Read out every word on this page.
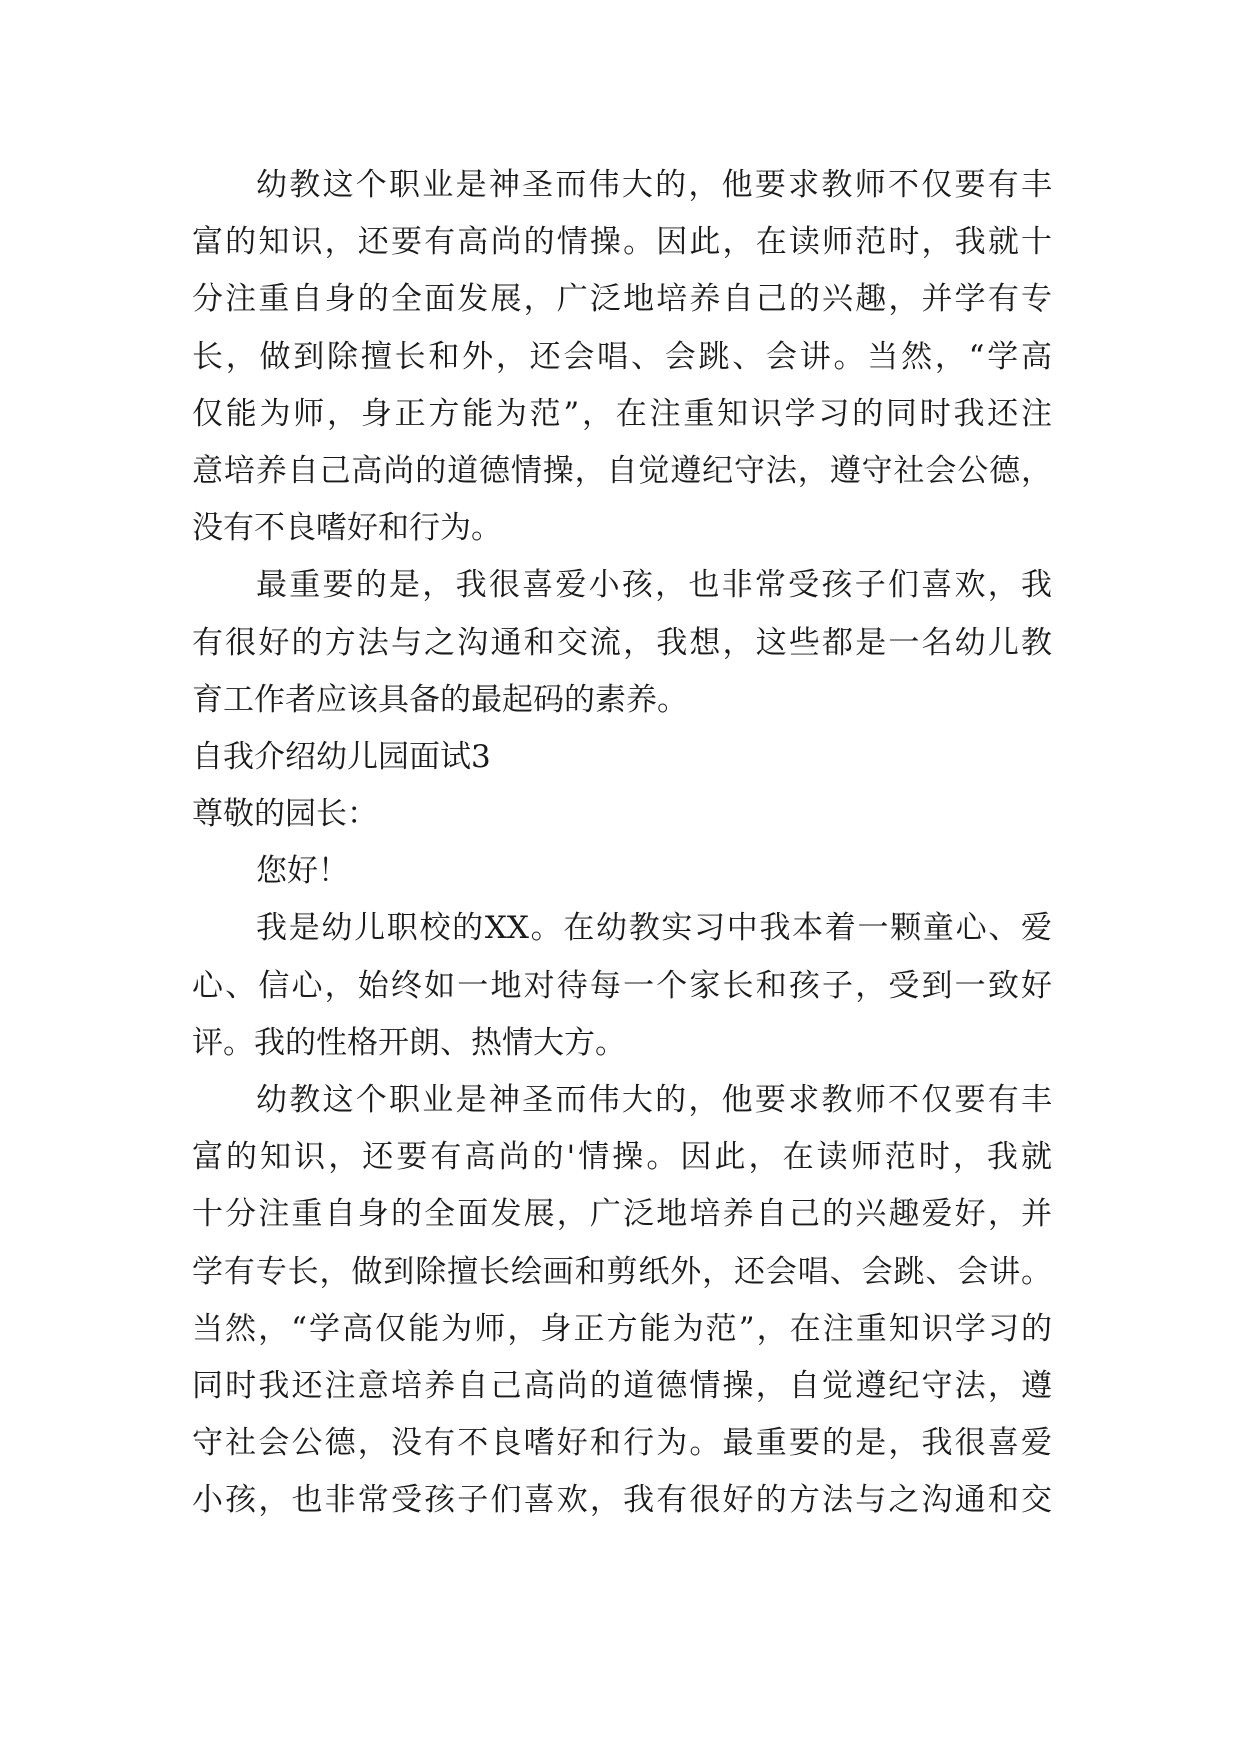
幼教这个职业是神圣而伟大的，他要求教师不仅要有丰
富的知识，还要有高尚的情操。因此，在读师范时，我就十
分注重自身的全面发展，广泛地培养自己的兴趣，并学有专
长，做到除擅长和外，还会唱、会跳、会讲。当然，“学高
仅能为师，身正方能为范”，在注重知识学习的同时我还注
意培养自己高尚的道德情操，自觉遵纪守法，遵守社会公德，
没有不良嗜好和行为。
最重要的是，我很喜爱小孩，也非常受孩子们喜欢，我
有很好的方法与之沟通和交流，我想，这些都是一名幼儿教
育工作者应该具备的最起码的素养。
自我介绍幼儿园面试3
尊敬的园长：
您好！
我是幼儿职校的XX。在幼教实习中我本着一颗童心、爱
心、信心，始终如一地对待每一个家长和孩子，受到一致好
评。我的性格开朗、热情大方。
幼教这个职业是神圣而伟大的，他要求教师不仅要有丰
富的知识，还要有高尚的'情操。因此，在读师范时，我就
十分注重自身的全面发展，广泛地培养自己的兴趣爱好，并
学有专长，做到除擅长绘画和剪纸外，还会唱、会跳、会讲。
当然，“学高仅能为师，身正方能为范”，在注重知识学习的
同时我还注意培养自己高尚的道德情操，自觉遵纪守法，遵
守社会公德，没有不良嗜好和行为。最重要的是，我很喜爱
小孩，也非常受孩子们喜欢，我有很好的方法与之沟通和交
